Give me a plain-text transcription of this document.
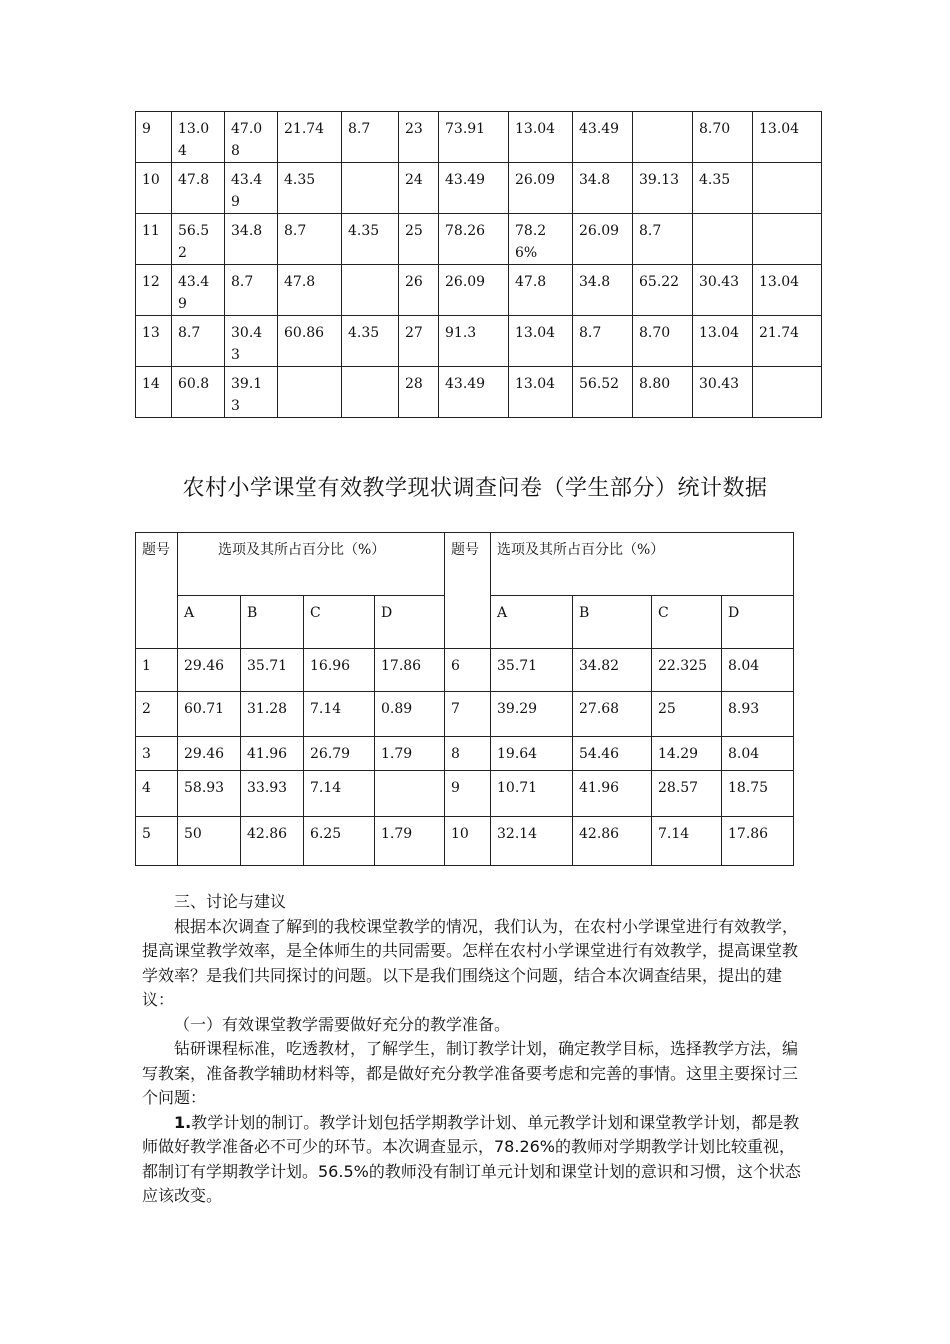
9	13.04	47.08	21.74	8.7	23	73.91	13.04	43.49		8.70	13.04
10	47.8	43.49	4.35		24	43.49	26.09	34.8	39.13	4.35	
11	56.52	34.8	8.7	4.35	25	78.26	78.26%	26.09	8.7		
12	43.49	8.7	47.8		26	26.09	47.8	34.8	65.22	30.43	13.04
13	8.7	30.43	60.86	4.35	27	91.3	13.04	8.7	8.70	13.04	21.74
14	60.8	39.13			28	43.49	13.04	56.52	8.80	30.43	
农村小学课堂有效教学现状调查问卷（学生部分）统计数据
题号	选项及其所占百分比（%）				题号	选项及其所占百分比（%）			
	A	B	C	D		A	B	C	D
1	29.46	35.71	16.96	17.86	6	35.71	34.82	22.325	8.04
2	60.71	31.28	7.14	0.89	7	39.29	27.68	25	8.93
3	29.46	41.96	26.79	1.79	8	19.64	54.46	14.29	8.04
4	58.93	33.93	7.14		9	10.71	41.96	28.57	18.75
5	50	42.86	6.25	1.79	10	32.14	42.86	7.14	17.86

三、讨论与建议

根据本次调查了解到的我校课堂教学的情况，我们认为，在农村小学课堂进行有效教学，提高课堂教学效率，是全体师生的共同需要。怎样在农村小学课堂进行有效教学，提高课堂教学效率？是我们共同探讨的问题。以下是我们围绕这个问题，结合本次调查结果，提出的建议：

（一）有效课堂教学需要做好充分的教学准备。

钻研课程标准，吃透教材，了解学生，制订教学计划，确定教学目标，选择教学方法，编写教案，准备教学辅助材料等，都是做好充分教学准备要考虑和完善的事情。这里主要探讨三个问题：

1.教学计划的制订。教学计划包括学期教学计划、单元教学计划和课堂教学计划，都是教师做好教学准备必不可少的环节。本次调查显示，78.26%的教师对学期教学计划比较重视，都制订有学期教学计划。56.5%的教师没有制订单元计划和课堂计划的意识和习惯，这个状态应该改变。
